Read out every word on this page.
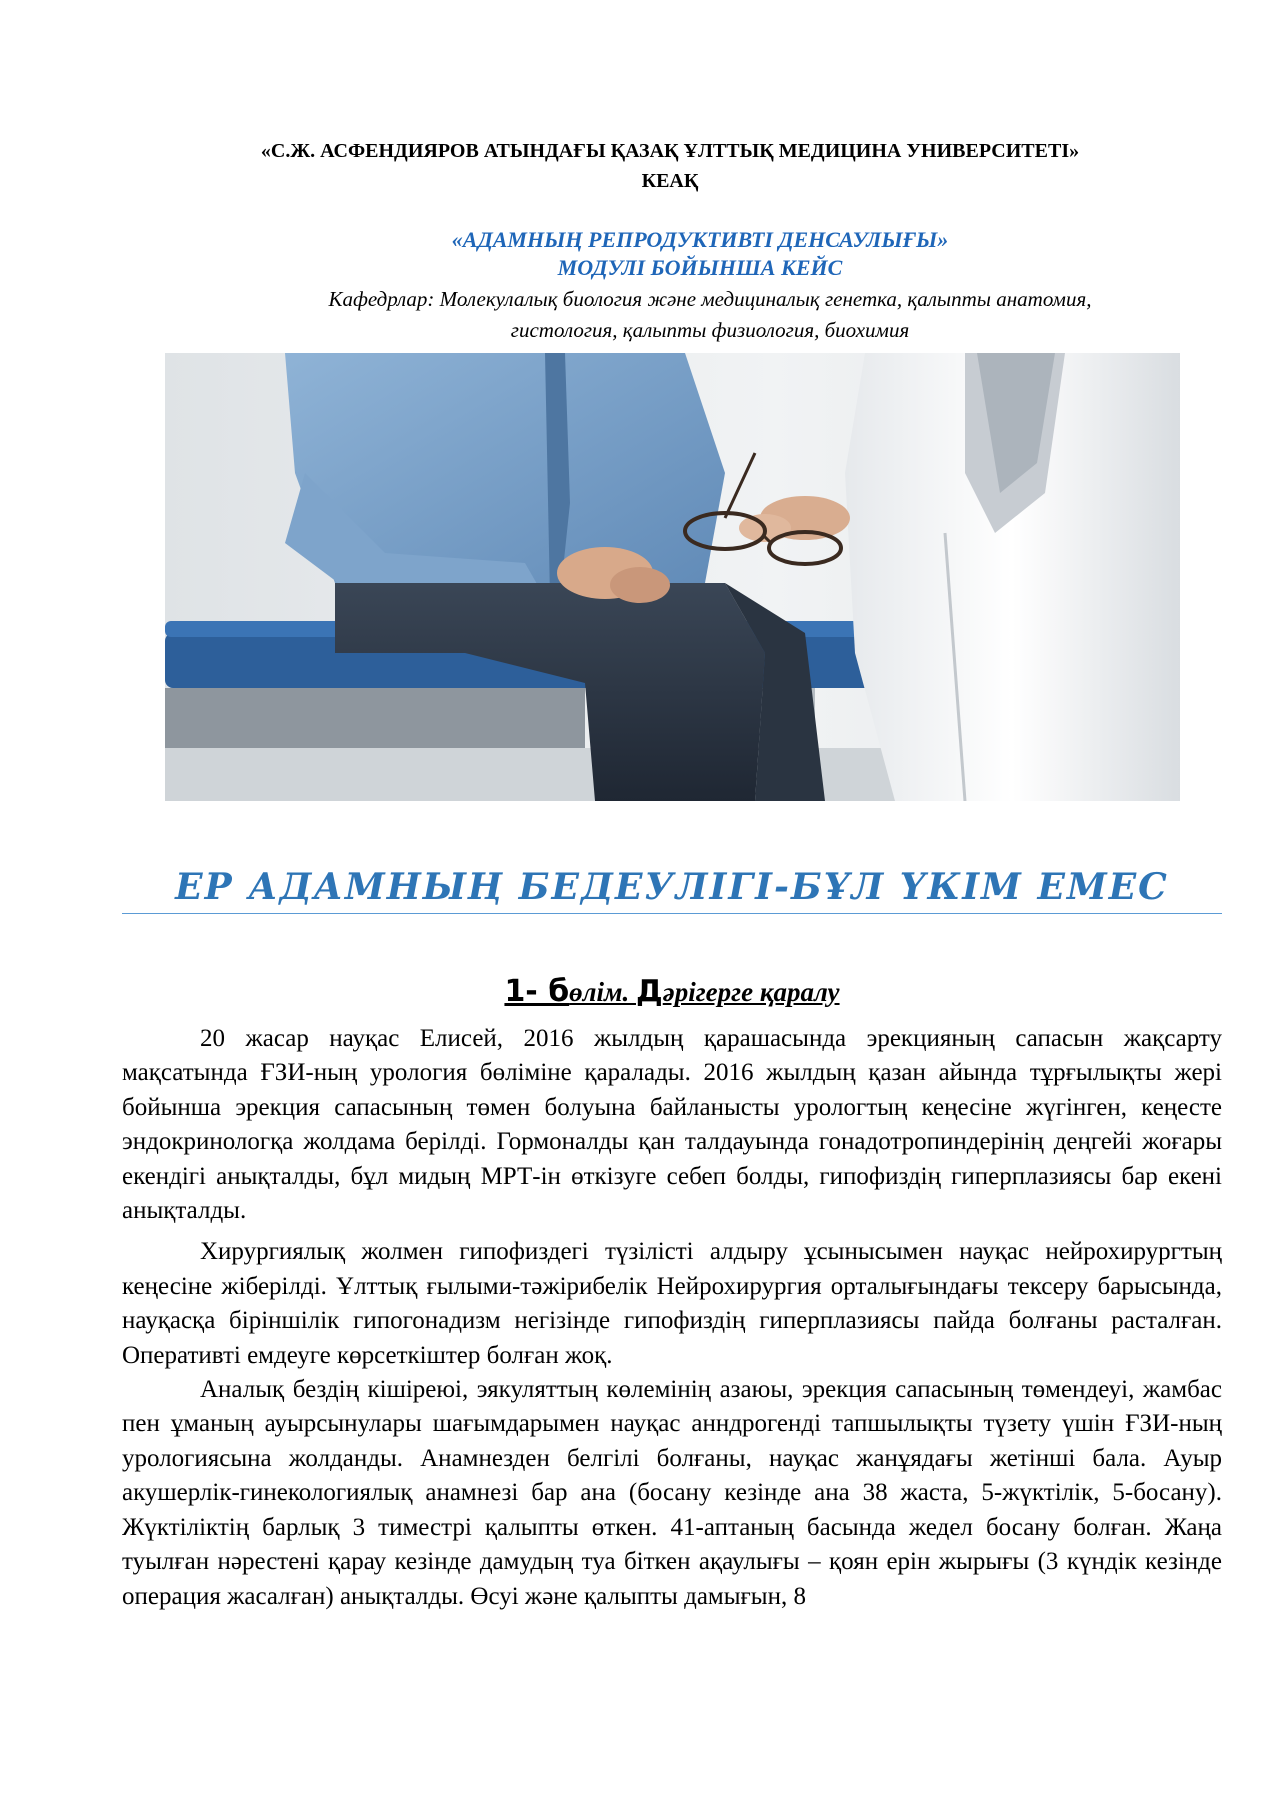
«С.Ж. АСФЕНДИЯРОВ АТЫНДАҒЫ ҚАЗАҚ ҰЛТТЫҚ МЕДИЦИНА УНИВЕРСИТЕТІ»
КЕАҚ
«АДАМНЫҢ РЕПРОДУКТИВТІ ДЕНСАУЛЫҒЫ»
МОДУЛІ БОЙЫНША КЕЙС
Кафедрлар: Молекулалық биология және медициналық генетка, қалыпты анатомия,
гистология, қалыпты физиология, биохимия
ЕР АДАМНЫҢ БЕДЕУЛІГІ-БҰЛ ҮКІМ ЕМЕС
1- бөлім. Дәрігерге қаралу

20 жасар науқас Елисей, 2016 жылдың қарашасында эрекцияның сапасын жақсарту мақсатында ҒЗИ-ның урология бөліміне қаралады. 2016 жылдың қазан айында тұрғылықты жері бойынша эрекция сапасының төмен болуына байланысты урологтың кеңесіне жүгінген, кеңесте эндокринологқа жолдама берілді. Гормоналды қан талдауында гонадотропиндерінің деңгейі жоғары екендігі анықталды, бұл мидың МРТ-ін өткізуге себеп болды, гипофиздің гиперплазиясы бар екені анықталды.

Хирургиялық жолмен гипофиздегі түзілісті алдыру ұсынысымен науқас нейрохирургтың кеңесіне жіберілді. Ұлттық ғылыми-тәжірибелік Нейрохирургия орталығындағы тексеру барысында, науқасқа біріншілік гипогонадизм негізінде гипофиздің гиперплазиясы пайда болғаны расталған. Оперативті емдеуге көрсеткіштер болған жоқ.

Аналық бездің кішіреюі, эякуляттың көлемінің азаюы, эрекция сапасының төмендеуі, жамбас пен ұманың ауырсынулары шағымдарымен науқас анндрогенді тапшылықты түзету үшін ҒЗИ-ның урологиясына жолданды. Анамнезден белгілі болғаны, науқас жанұядағы жетінші бала. Ауыр акушерлік-гинекологиялық анамнезі бар ана (босану кезінде ана 38 жаста, 5-жүктілік, 5-босану). Жүктіліктің барлық 3 тиместрі қалыпты өткен. 41-аптаның басында жедел босану болған. Жаңа туылған нәрестені қарау кезінде дамудың туа біткен ақаулығы – қоян ерін жырығы (3 күндік кезінде операция жасалған) анықталды. Өсуі және қалыпты дамығын, 8
